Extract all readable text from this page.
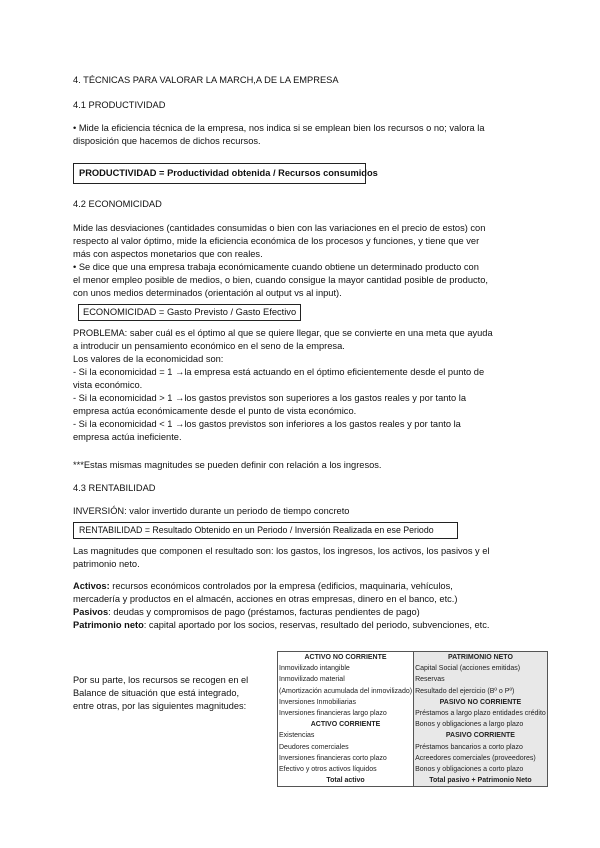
4. TÉCNICAS PARA VALORAR LA MARCH,A DE LA EMPRESA
4.1 PRODUCTIVIDAD
• Mide la eficiencia técnica de la empresa, nos indica si se emplean bien los recursos o no; valora la
disposición que hacemos de dichos recursos.
PRODUCTIVIDAD = Productividad obtenida / Recursos consumidos
4.2 ECONOMICIDAD
Mide las desviaciones (cantidades consumidas o bien con las variaciones en el precio de estos) con
respecto al valor óptimo, mide la eficiencia económica de los procesos y funciones, y tiene que ver
más con aspectos monetarios que con reales.
• Se dice que una empresa trabaja económicamente cuando obtiene un determinado producto con
el menor empleo posible de medios, o bien, cuando consigue la mayor cantidad posible de producto,
con unos medios determinados (orientación al output vs al input).
ECONOMICIDAD = Gasto Previsto / Gasto Efectivo
PROBLEMA: saber cuál es el óptimo al que se quiere llegar, que se convierte en una meta que ayuda
a introducir un pensamiento económico en el seno de la empresa.
Los valores de la economicidad son:
- Si la economicidad = 1 →la empresa está actuando en el óptimo eficientemente desde el punto de
vista económico.
- Si la economicidad > 1 →los gastos previstos son superiores a los gastos reales y por tanto la
empresa actúa económicamente desde el punto de vista económico.
- Si la economicidad < 1 →los gastos previstos son inferiores a los gastos reales y por tanto la
empresa actúa ineficiente.
***Estas mismas magnitudes se pueden definir con relación a los ingresos.
4.3 RENTABILIDAD
INVERSIÓN: valor invertido durante un periodo de tiempo concreto
RENTABILIDAD = Resultado Obtenido en un Periodo / Inversión Realizada en ese Periodo
Las magnitudes que componen el resultado son: los gastos, los ingresos, los activos, los pasivos y el
patrimonio neto.
Activos: recursos económicos controlados por la empresa (edificios, maquinaria, vehículos,
mercadería y productos en el almacén, acciones en otras empresas, dinero en el banco, etc.)
Pasivos: deudas y compromisos de pago (préstamos, facturas pendientes de pago)
Patrimonio neto: capital aportado por los socios, reservas, resultado del periodo, subvenciones, etc.
Por su parte, los recursos se recogen en el
Balance de situación que está integrado,
entre otras, por las siguientes magnitudes:
ACTIVO NO CORRIENTE	PATRIMONIO NETO
Inmovilizado intangible	Capital Social (acciones emitidas)
Inmovilizado material	Reservas
(Amortización acumulada del inmovilizado)	Resultado del ejercicio (Bº o Pº)
Inversiones Inmobiliarias	PASIVO NO CORRIENTE
Inversiones financieras largo plazo	Préstamos a largo plazo entidades crédito
ACTIVO CORRIENTE	Bonos y obligaciones a largo plazo
Existencias	PASIVO CORRIENTE
Deudores comerciales	Préstamos bancarios a corto plazo
Inversiones financieras corto plazo	Acreedores comerciales (proveedores)
Efectivo y otros activos líquidos	Bonos y obligaciones a corto plazo
Total activo	Total pasivo + Patrimonio Neto
